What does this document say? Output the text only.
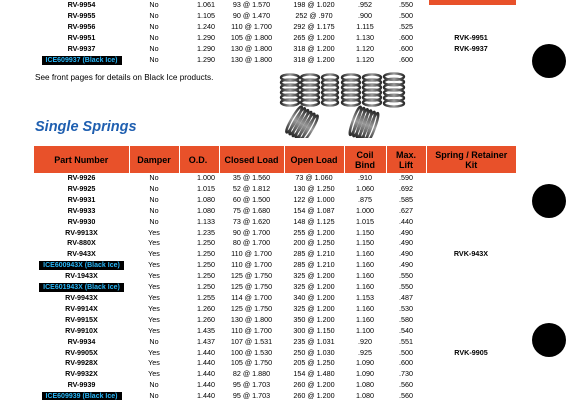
RV-9954	No	1.061	93 @ 1.570	198 @ 1.020	.952	.550	
RV-9955	No	1.105	90 @ 1.470	252 @ .970	.900	.500	
RV-9956	No	1.240	110 @ 1.700	292 @ 1.175	1.115	.525	
RV-9951	No	1.290	105 @ 1.800	265 @ 1.200	1.130	.600	RVK-9951
RV-9937	No	1.290	130 @ 1.800	318 @ 1.200	1.120	.600	RVK-9937
ICE609937 (Black Ice)	No	1.290	130 @ 1.800	318 @ 1.200	1.120	.600	
See front pages for details on Black Ice products.
Single Springs
Part Number	Damper	O.D.	Closed Load	Open Load	Coil Bind	Max. Lift	Spring / Retainer Kit
RV-9926	No	1.000	35 @ 1.560	73 @ 1.060	.910	.590	
RV-9925	No	1.015	52 @ 1.812	130 @ 1.250	1.060	.692	
RV-9931	No	1.080	60 @ 1.500	122 @ 1.000	.875	.585	
RV-9933	No	1.080	75 @ 1.680	154 @ 1.087	1.000	.627	
RV-9930	No	1.133	73 @ 1.620	148 @ 1.125	1.015	.440	
RV-9913X	Yes	1.235	90 @ 1.700	255 @ 1.200	1.150	.490	
RV-880X	Yes	1.250	80 @ 1.700	200 @ 1.250	1.150	.490	
RV-943X	Yes	1.250	110 @ 1.700	285 @ 1.210	1.160	.490	RVK-943X
ICE600943X (Black Ice)	Yes	1.250	110 @ 1.700	285 @ 1.210	1.160	.490	
RV-1943X	Yes	1.250	125 @ 1.750	325 @ 1.200	1.160	.550	
ICE601943X (Black Ice)	Yes	1.250	125 @ 1.750	325 @ 1.200	1.160	.550	
RV-9943X	Yes	1.255	114 @ 1.700	340 @ 1.200	1.153	.487	
RV-9914X	Yes	1.260	125 @ 1.750	325 @ 1.200	1.160	.530	
RV-9915X	Yes	1.260	130 @ 1.800	350 @ 1.200	1.160	.580	
RV-9910X	Yes	1.435	110 @ 1.700	300 @ 1.150	1.100	.540	
RV-9934	No	1.437	107 @ 1.531	235 @ 1.031	.920	.551	
RV-9905X	Yes	1.440	100 @ 1.530	250 @ 1.030	.925	.500	RVK-9905
RV-9928X	Yes	1.440	105 @ 1.750	205 @ 1.250	1.090	.600	
RV-9932X	Yes	1.440	82 @ 1.880	154 @ 1.480	1.090	.730	
RV-9939	No	1.440	95 @ 1.703	260 @ 1.200	1.080	.560	
ICE609939 (Black Ice)	No	1.440	95 @ 1.703	260 @ 1.200	1.080	.560	
